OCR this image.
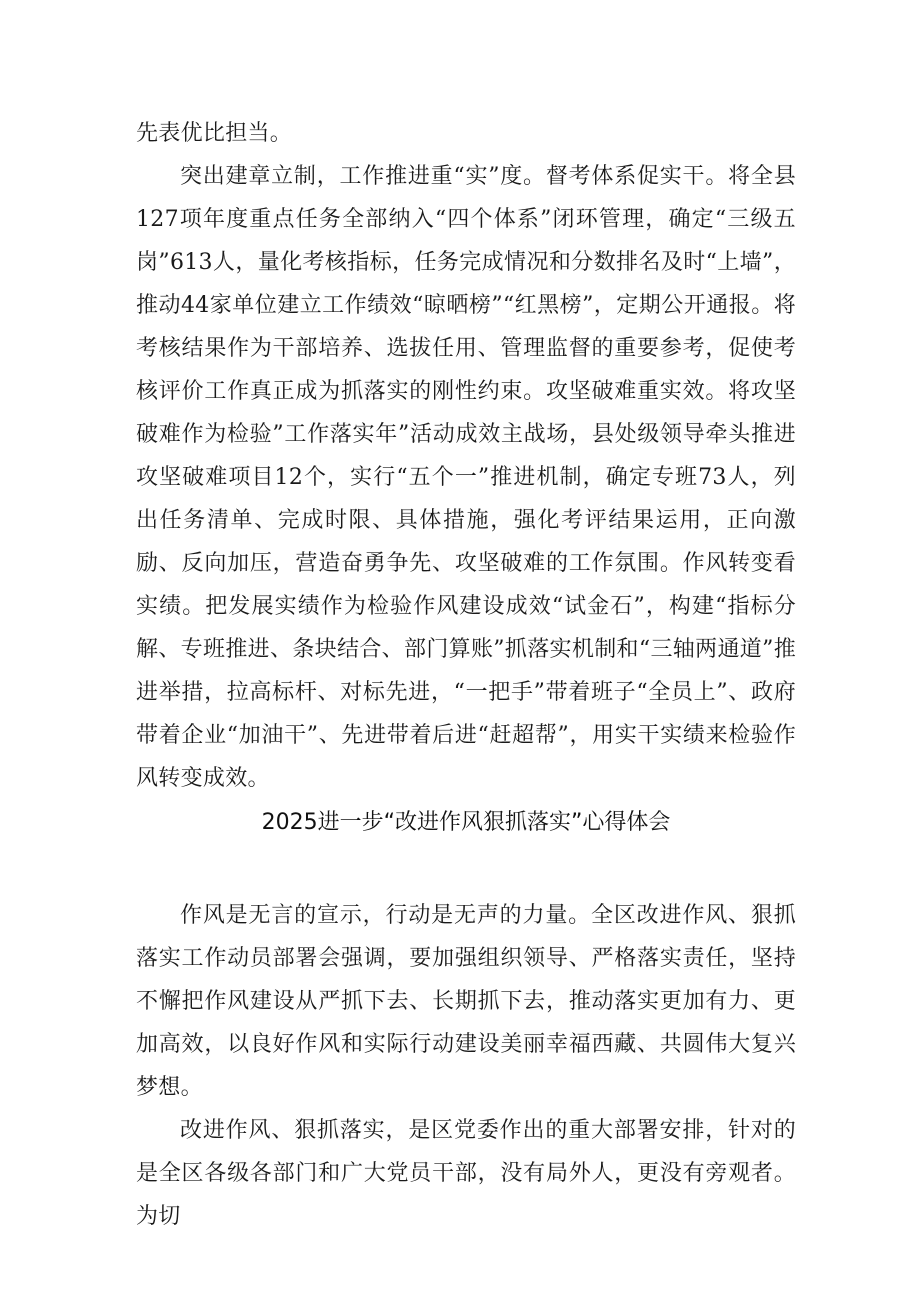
先表优比担当。

突出建章立制，工作推进重“实”度。督考体系促实干。将全县127项年度重点任务全部纳入“四个体系”闭环管理，确定“三级五岗”613人，量化考核指标，任务完成情况和分数排名及时“上墙”，推动44家单位建立工作绩效“晾晒榜”“红黑榜”，定期公开通报。将考核结果作为干部培养、选拔任用、管理监督的重要参考，促使考核评价工作真正成为抓落实的刚性约束。攻坚破难重实效。将攻坚破难作为检验”工作落实年”活动成效主战场，县处级领导牵头推进攻坚破难项目12个，实行“五个一”推进机制，确定专班73人，列出任务清单、完成时限、具体措施，强化考评结果运用，正向激励、反向加压，营造奋勇争先、攻坚破难的工作氛围。作风转变看实绩。把发展实绩作为检验作风建设成效“试金石”，构建“指标分解、专班推进、条块结合、部门算账”抓落实机制和“三轴两通道”推进举措，拉高标杆、对标先进，“一把手”带着班子“全员上”、政府带着企业“加油干”、先进带着后进“赶超帮”，用实干实绩来检验作风转变成效。

2025进一步“改进作风狠抓落实”心得体会

作风是无言的宣示，行动是无声的力量。全区改进作风、狠抓落实工作动员部署会强调，要加强组织领导、严格落实责任，坚持不懈把作风建设从严抓下去、长期抓下去，推动落实更加有力、更加高效，以良好作风和实际行动建设美丽幸福西藏、共圆伟大复兴梦想。

改进作风、狠抓落实，是区党委作出的重大部署安排，针对的是全区各级各部门和广大党员干部，没有局外人，更没有旁观者。为切
